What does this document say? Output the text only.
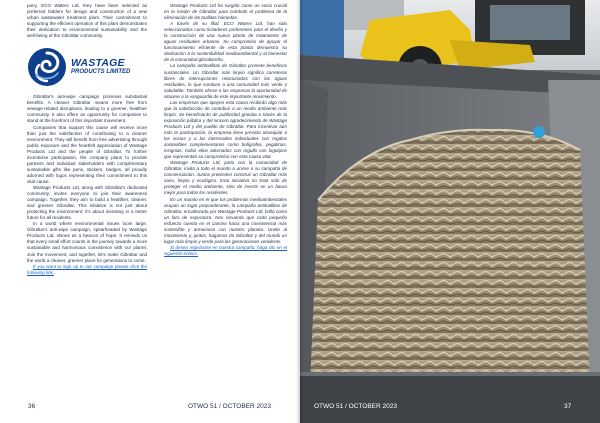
pany, ECO Waters Ltd, they have been selected as preferred bidders for design and construction of a new urban wastewater treatment plant. Their commitment to supporting the efficient operation of this plant demonstrates their dedication to environmental sustainability and the well-being of the Gibraltar community.

WASTAGE
PRODUCTS LIMITED

Gibraltar's anti-wipe campaign promises substantial benefits. A cleaner Gibraltar means more free from sewage-related disruptions, leading to a greener, healthier community. It also offers an opportunity for companies to stand at the forefront of this important movement.

Companies that support this cause will receive more than just the satisfaction of contributing to a cleaner environment. They will benefit from free advertising through public exposure and the heartfelt appreciation of Wastage Products Ltd and the people of Gibraltar. To further incentivise participation, the company plans to provide partners and individual stakeholders with complimentary sustainable gifts like pens, stickers, badges, all proudly adorned with logos representing their commitment to this vital cause.

Wastage Products Ltd, along with Gibraltar's dedicated community, invites everyone to join their awareness campaign. Together, they aim to build a healthier, cleaner, and greener Gibraltar. This initiative is not just about protecting the environment; it's about investing in a better future for all residents.

In a world where environmental issues loom large, Gibraltar's anti-wipe campaign, spearheaded by Wastage Products Ltd, shines as a beacon of hope. It reminds us that every small effort counts in the journey towards a more sustainable and harmonious coexistence with our planet. Join the movement, and together, let's make Gibraltar and the world a cleaner, greener place for generations to come.

If you want to sign up to our campaign please click the following link.

Wastage Products Ltd ha surgido como un socio crucial en la misión de Gibraltar para combatir el problema de la eliminación de las toallitas húmedas.

A través de su filial, ECO Waters Ltd, han sido seleccionados como licitadores preferentes para el diseño y la construcción de una nueva planta de tratamiento de aguas residuales urbanas. Su compromiso de apoyar el funcionamiento eficiente de esta planta demuestra su dedicación a la sostenibilidad medioambiental y al bienestar de la comunidad gibraltareña.

La campaña antitoallitas de Gibraltar promete beneficios sustanciales. Un Gibraltar más limpio significa carreteras libres de interrupciones relacionadas con las aguas residuales, lo que conduce a una comunidad más verde y saludable. También ofrece a las empresas la oportunidad de situarse a la vanguardia de este importante movimiento.

Las empresas que apoyen esta causa recibirán algo más que la satisfacción de contribuir a un medio ambiente más limpio. Se beneficiarán de publicidad gratuita a través de la exposición pública y del sincero agradecimiento de Wastage Products Ltd y del pueblo de Gibraltar. Para incentivar aún más la participación, la empresa tiene previsto obsequiar a los socios y a los interesados individuales con regalos sostenibles complementarios como bolígrafos, pegatinas, insignias, todos ellos adornados con orgullo con logotipos que representan su compromiso con esta causa vital.

Wastage Products Ltd, junto con la comunidad de Gibraltar, invita a todo el mundo a unirse a su campaña de concienciación. Juntos pretenden construir un Gibraltar más sano, limpio y ecológico. Esta iniciativa no trata sólo de proteger el medio ambiente, sino de invertir en un futuro mejor para todos los residentes.

En un mundo en el que los problemas medioambientales ocupan un lugar preponderante, la campaña antitoallitas de Gibraltar, encabezada por Wastage Products Ltd, brilla como un faro de esperanza. Nos recuerda que cada pequeño esfuerzo cuenta en el camino hacia una coexistencia más sostenible y armoniosa con nuestro planeta. Únete al movimiento y, juntos, hagamos de Gibraltar y del mundo un lugar más limpio y verde para las generaciones venideras.

Si desea registrarse en nuestra campaña, haga clic en el siguiente enlace.

36	OTWO 51 / OCTOBER 2023	OTWO 51 / OCTOBER 2023	37
